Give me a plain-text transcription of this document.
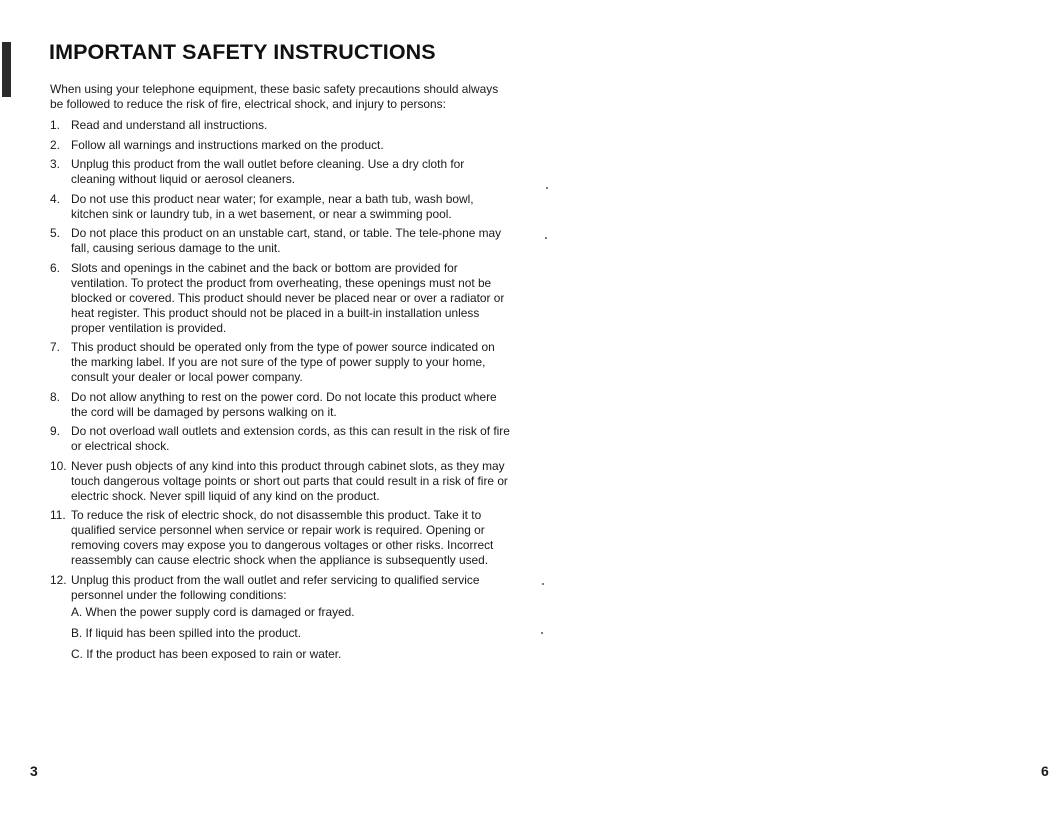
IMPORTANT SAFETY INSTRUCTIONS

When using your telephone equipment, these basic safety precautions should always be followed to reduce the risk of fire, electrical shock, and injury to persons:

1. Read and understand all instructions.
2. Follow all warnings and instructions marked on the product.
3. Unplug this product from the wall outlet before cleaning. Use a dry cloth for cleaning without liquid or aerosol cleaners.
4. Do not use this product near water; for example, near a bath tub, wash bowl, kitchen sink or laundry tub, in a wet basement, or near a swimming pool.
5. Do not place this product on an unstable cart, stand, or table. The tele-phone may fall, causing serious damage to the unit.
6. Slots and openings in the cabinet and the back or bottom are provided for ventilation. To protect the product from overheating, these openings must not be blocked or covered. This product should never be placed near or over a radiator or heat register. This product should not be placed in a built-in installation unless proper ventilation is provided.
7. This product should be operated only from the type of power source indicated on the marking label. If you are not sure of the type of power supply to your home, consult your dealer or local power company.
8. Do not allow anything to rest on the power cord. Do not locate this product where the cord will be damaged by persons walking on it.
9. Do not overload wall outlets and extension cords, as this can result in the risk of fire or electrical shock.
10. Never push objects of any kind into this product through cabinet slots, as they may touch dangerous voltage points or short out parts that could result in a risk of fire or electric shock. Never spill liquid of any kind on the product.
11. To reduce the risk of electric shock, do not disassemble this product. Take it to qualified service personnel when service or repair work is required. Opening or removing covers may expose you to dangerous voltages or other risks. Incorrect reassembly can cause electric shock when the appliance is subsequently used.
12. Unplug this product from the wall outlet and refer servicing to qualified service personnel under the following conditions:
A. When the power supply cord is damaged or frayed.
B. If liquid has been spilled into the product.
C. If the product has been exposed to rain or water.
3	6
